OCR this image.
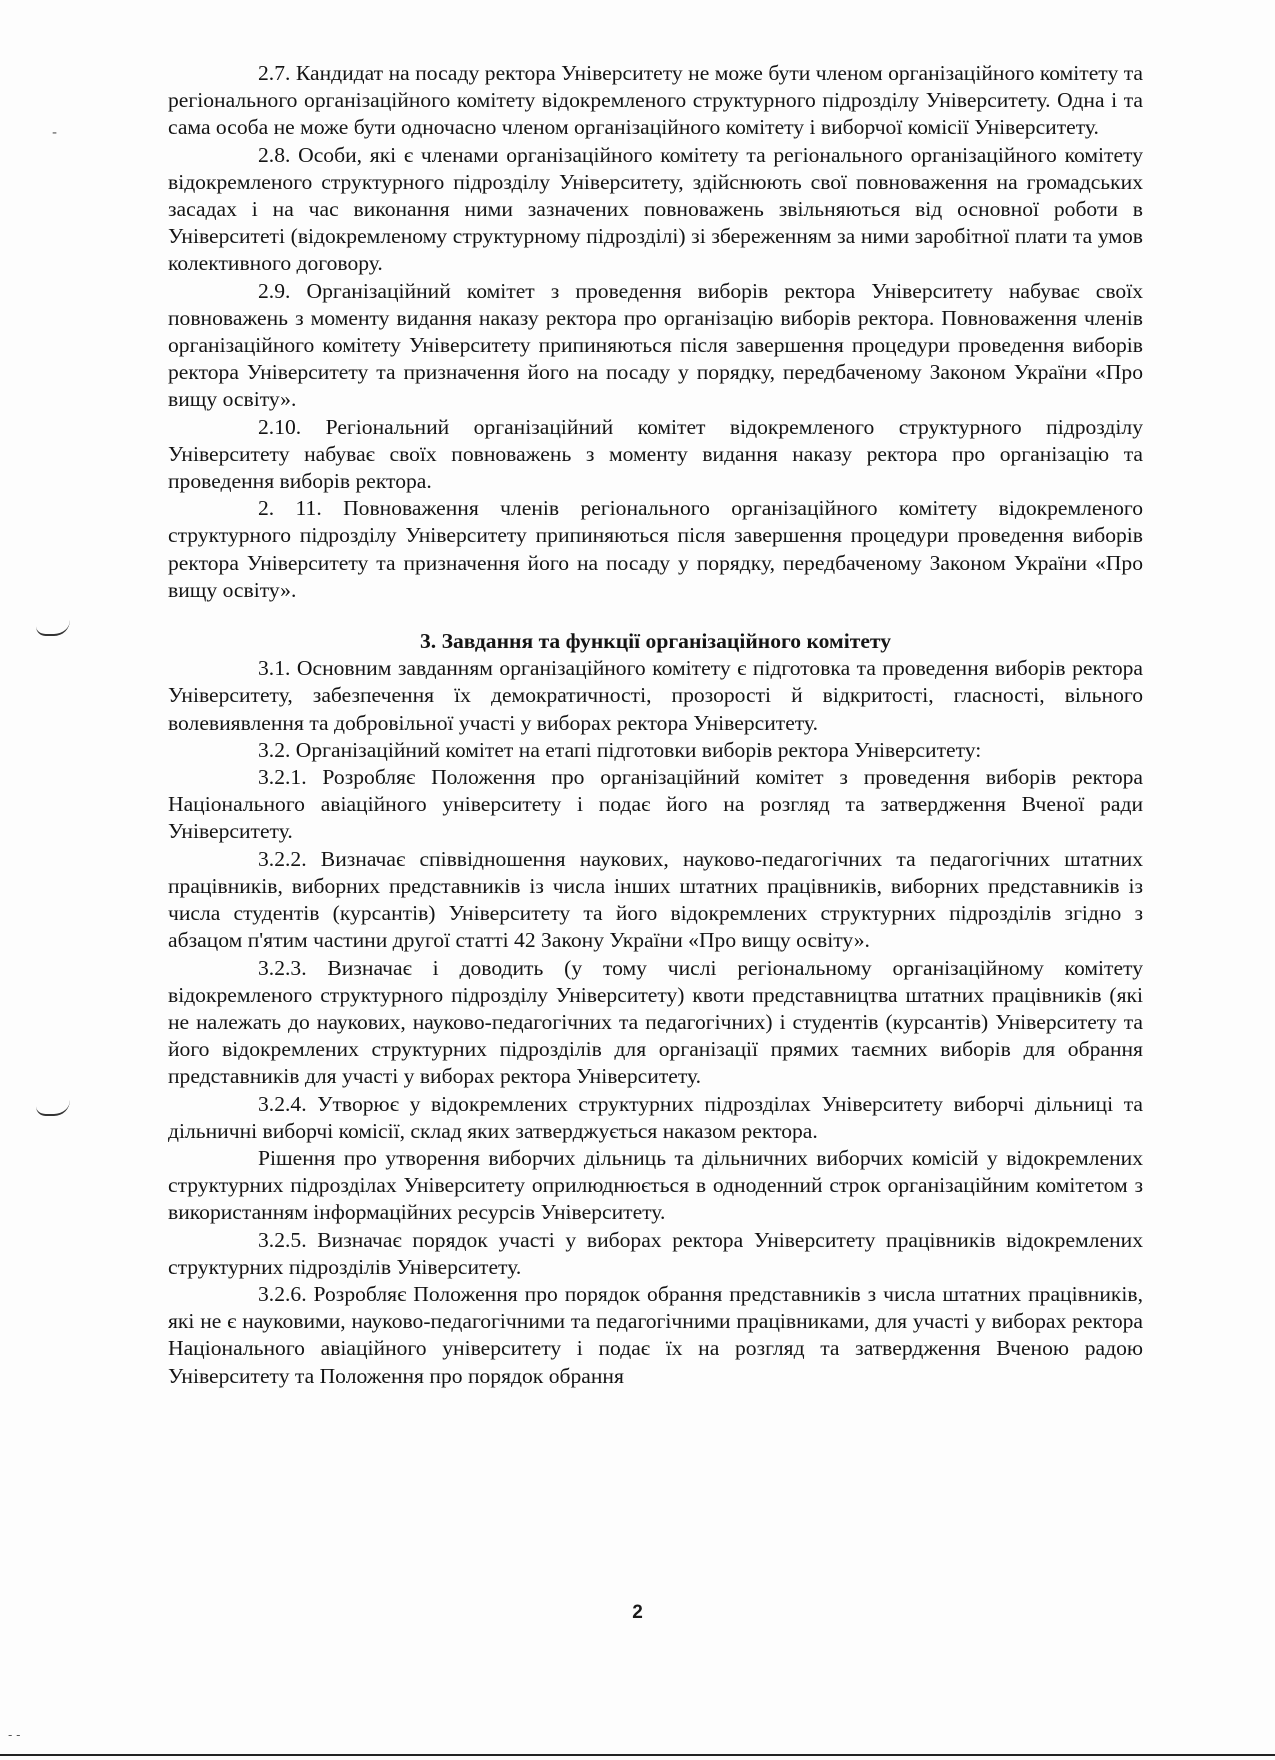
2.7. Кандидат на посаду ректора Університету не може бути членом організаційного комітету та регіонального організаційного комітету відокремленого структурного підрозділу Університету. Одна і та сама особа не може бути одночасно членом організаційного комітету і виборчої комісії Університету.

2.8. Особи, які є членами організаційного комітету та регіонального організаційного комітету відокремленого структурного підрозділу Університету, здійснюють свої повноваження на громадських засадах і на час виконання ними зазначених повноважень звільняються від основної роботи в Університеті (відокремленому структурному підрозділі) зі збереженням за ними заробітної плати та умов колективного договору.

2.9. Організаційний комітет з проведення виборів ректора Університету набуває своїх повноважень з моменту видання наказу ректора про організацію виборів ректора. Повноваження членів організаційного комітету Університету припиняються після завершення процедури проведення виборів ректора Університету та призначення його на посаду у порядку, передбаченому Законом України «Про вищу освіту».

2.10. Регіональний організаційний комітет відокремленого структурного підрозділу Університету набуває своїх повноважень з моменту видання наказу ректора про організацію та проведення виборів ректора.

2. 11. Повноваження членів регіонального організаційного комітету відокремленого структурного підрозділу Університету припиняються після завершення процедури проведення виборів ректора Університету та призначення його на посаду у порядку, передбаченому Законом України «Про вищу освіту».

3. Завдання та функції організаційного комітету

3.1. Основним завданням організаційного комітету є підготовка та проведення виборів ректора Університету, забезпечення їх демократичності, прозорості й відкритості, гласності, вільного волевиявлення та добровільної участі у виборах ректора Університету.

3.2. Організаційний комітет на етапі підготовки виборів ректора Університету:

3.2.1. Розробляє Положення про організаційний комітет з проведення виборів ректора Національного авіаційного університету і подає його на розгляд та затвердження Вченої ради Університету.

3.2.2. Визначає співвідношення наукових, науково-педагогічних та педагогічних штатних працівників, виборних представників із числа інших штатних працівників, виборних представників із числа студентів (курсантів) Університету та його відокремлених структурних підрозділів згідно з абзацом п'ятим частини другої статті 42 Закону України «Про вищу освіту».

3.2.3. Визначає і доводить (у тому числі регіональному організаційному комітету відокремленого структурного підрозділу Університету) квоти представництва штатних працівників (які не належать до наукових, науково-педагогічних та педагогічних) і студентів (курсантів) Університету та його відокремлених структурних підрозділів для організації прямих таємних виборів для обрання представників для участі у виборах ректора Університету.

3.2.4. Утворює у відокремлених структурних підрозділах Університету виборчі дільниці та дільничні виборчі комісії, склад яких затверджується наказом ректора.

Рішення про утворення виборчих дільниць та дільничних виборчих комісій у відокремлених структурних підрозділах Університету оприлюднюється в одноденний строк організаційним комітетом з використанням інформаційних ресурсів Університету.

3.2.5. Визначає порядок участі у виборах ректора Університету працівників відокремлених структурних підрозділів Університету.

3.2.6. Розробляє Положення про порядок обрання представників з числа штатних працівників, які не є науковими, науково-педагогічними та педагогічними працівниками, для участі у виборах ректора Національного авіаційного університету і подає їх на розгляд та затвердження Вченою радою Університету та Положення про порядок обрання

2
-
- -
